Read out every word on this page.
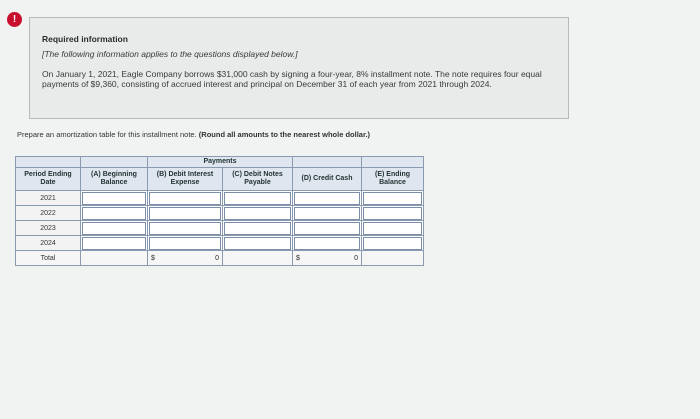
!
Required information
[The following information applies to the questions displayed below.]
On January 1, 2021, Eagle Company borrows $31,000 cash by signing a four-year, 8% installment note. The note requires four equal payments of $9,360, consisting of accrued interest and principal on December 31 of each year from 2021 through 2024.
Prepare an amortization table for this installment note. (Round all amounts to the nearest whole dollar.)
		Payments			
Period Ending Date	(A) Beginning Balance	(B) Debit Interest Expense	(C) Debit Notes Payable	(D) Credit Cash	(E) Ending Balance
2021	

2022	

2023	

2024	

Total		$ 0		$ 0	
